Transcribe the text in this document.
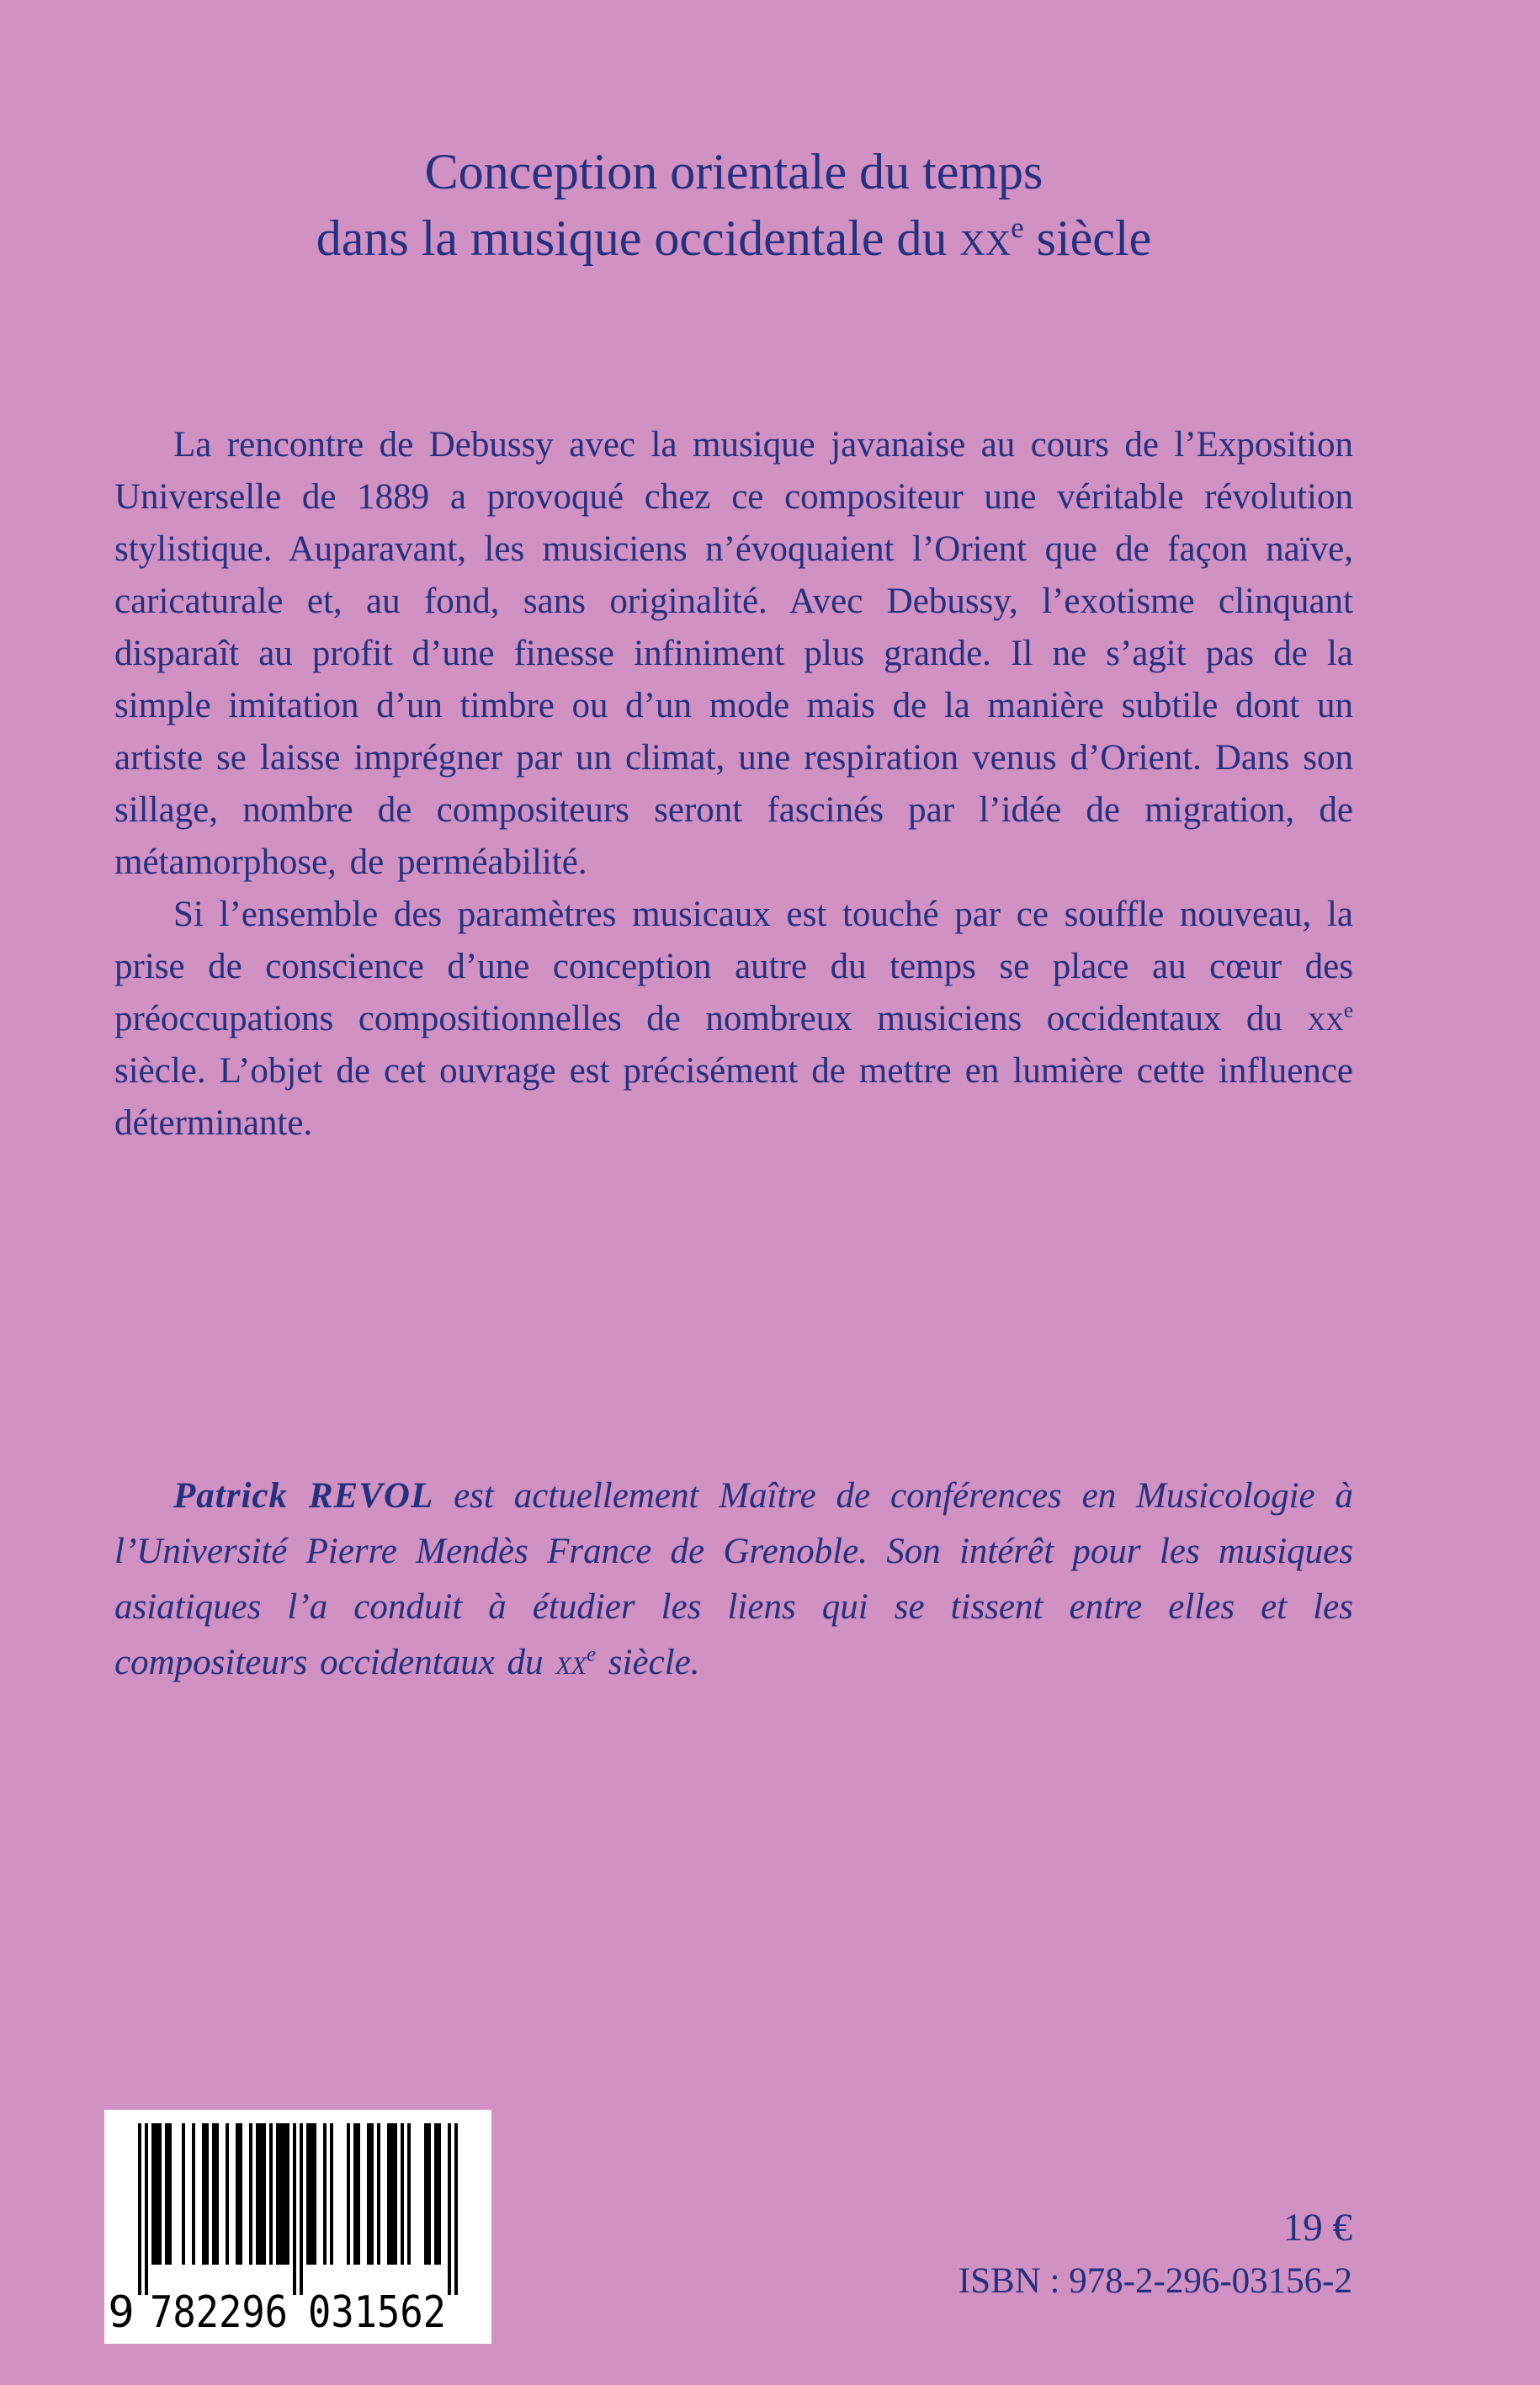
Conception orientale du temps
dans la musique occidentale du $xx^e$ siècle

La rencontre de Debussy avec la musique javanaise au cours de l’Exposition Universelle de 1889 a provoqué chez ce compositeur une véritable révolution stylistique. Auparavant, les musiciens n’évoquaient l’Orient que de façon naïve, caricaturale et, au fond, sans originalité. Avec Debussy, l’exotisme clinquant disparaît au profit d’une finesse infiniment plus grande. Il ne s’agit pas de la simple imitation d’un timbre ou d’un mode mais de la manière subtile dont un artiste se laisse imprégner par un climat, une respiration venus d’Orient. Dans son sillage, nombre de compositeurs seront fascinés par l’idée de migration, de métamorphose, de perméabilité.

Si l’ensemble des paramètres musicaux est touché par ce souffle nouveau, la prise de conscience d’une conception autre du temps se place au cœur des préoccupations compositionnelles de nombreux musiciens occidentaux du $xx^e$ siècle. L’objet de cet ouvrage est précisément de mettre en lumière cette influence déterminante.

Patrick REVOL est actuellement Maître de conférences en Musicologie à l’Université Pierre Mendès France de Grenoble. Son intérêt pour les musiques asiatiques l’a conduit à étudier les liens qui se tissent entre elles et les compositeurs occidentaux du $xx^e$ siècle.

19 €
ISBN : 978-2-296-03156-2
9 782296 031562
